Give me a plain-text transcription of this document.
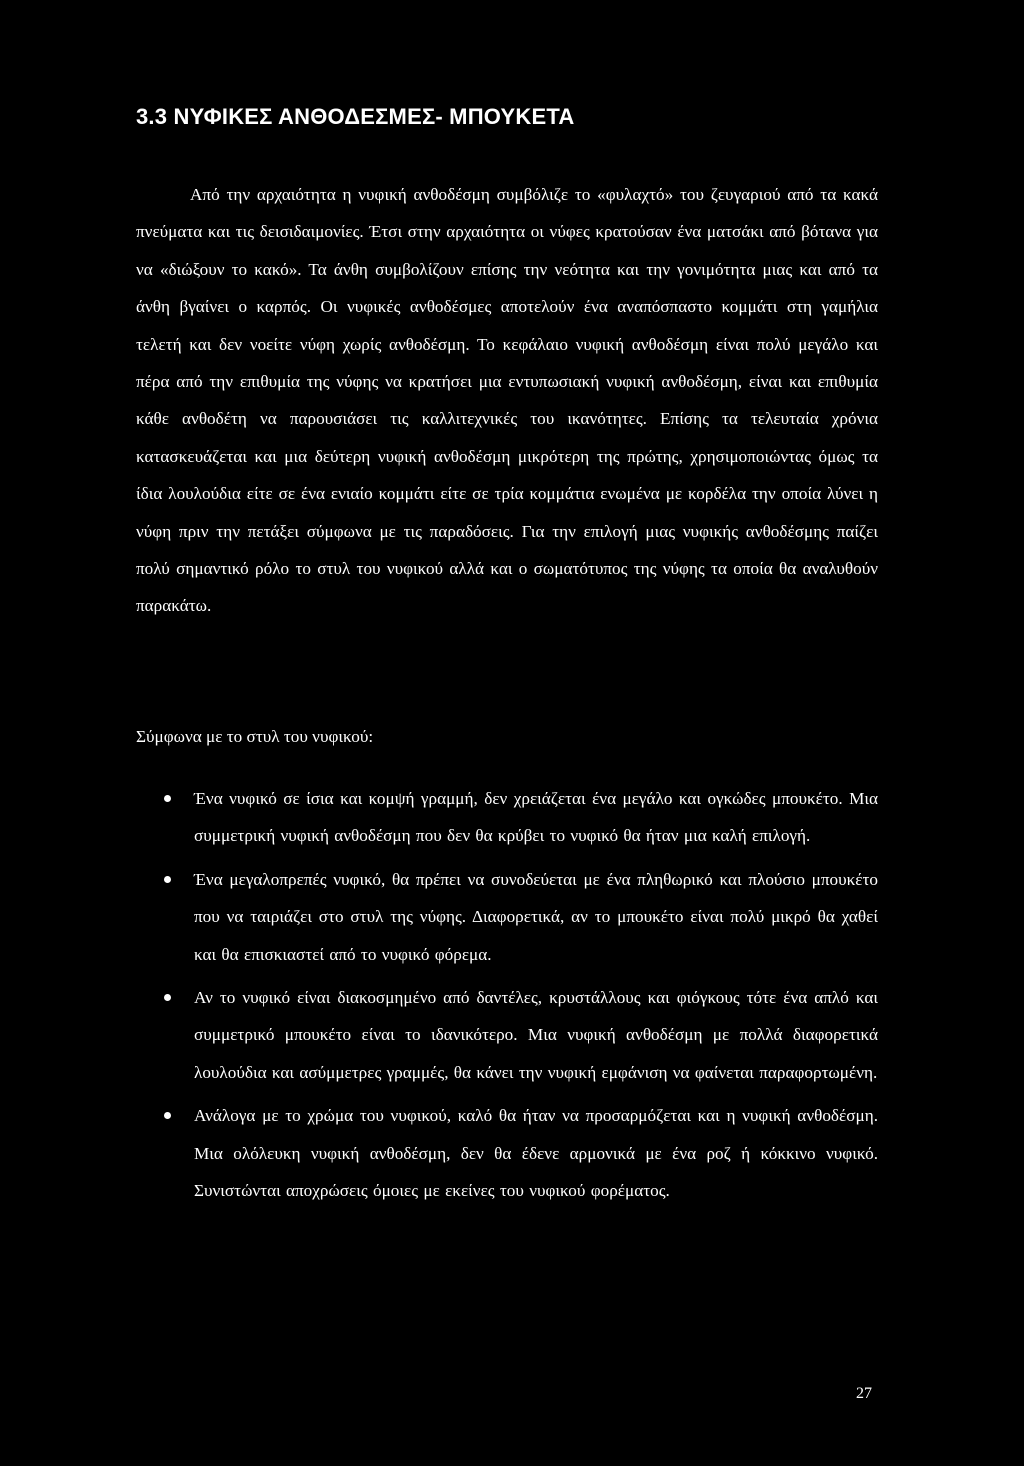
3.3 ΝΥΦΙΚΕΣ ΑΝΘΟΔΕΣΜΕΣ- ΜΠΟΥΚΕΤΑ

Από την αρχαιότητα η νυφική ανθοδέσμη συμβόλιζε το «φυλαχτό» του ζευγαριού από τα κακά πνεύματα και τις δεισιδαιμονίες. Έτσι στην αρχαιότητα οι νύφες κρατούσαν ένα ματσάκι από βότανα για να «διώξουν το κακό». Τα άνθη συμβολίζουν επίσης την νεότητα και την γονιμότητα μιας και από τα άνθη βγαίνει ο καρπός. Οι νυφικές ανθοδέσμες αποτελούν ένα αναπόσπαστο κομμάτι στη γαμήλια τελετή και δεν νοείτε νύφη χωρίς ανθοδέσμη. Το κεφάλαιο νυφική ανθοδέσμη είναι πολύ μεγάλο και πέρα από την επιθυμία της νύφης να κρατήσει μια εντυπωσιακή νυφική ανθοδέσμη, είναι και επιθυμία κάθε ανθοδέτη να παρουσιάσει τις καλλιτεχνικές του ικανότητες. Επίσης τα τελευταία χρόνια κατασκευάζεται και μια δεύτερη νυφική ανθοδέσμη μικρότερη της πρώτης, χρησιμοποιώντας όμως τα ίδια λουλούδια είτε σε ένα ενιαίο κομμάτι είτε σε τρία κομμάτια ενωμένα με κορδέλα την οποία λύνει η νύφη πριν την πετάξει σύμφωνα με τις παραδόσεις. Για την επιλογή μιας νυφικής ανθοδέσμης παίζει πολύ σημαντικό ρόλο το στυλ του νυφικού αλλά και ο σωματότυπος της νύφης τα οποία θα αναλυθούν παρακάτω.

Σύμφωνα με το στυλ του νυφικού:

Ένα νυφικό σε ίσια και κομψή γραμμή, δεν χρειάζεται ένα μεγάλο και ογκώδες μπουκέτο. Μια συμμετρική νυφική ανθοδέσμη που δεν θα κρύβει το νυφικό θα ήταν μια καλή επιλογή.
Ένα μεγαλοπρεπές νυφικό, θα πρέπει να συνοδεύεται με ένα πληθωρικό και πλούσιο μπουκέτο που να ταιριάζει στο στυλ της νύφης. Διαφορετικά, αν το μπουκέτο είναι πολύ μικρό θα χαθεί και θα επισκιαστεί από το νυφικό φόρεμα.
Αν το νυφικό είναι διακοσμημένο από δαντέλες, κρυστάλλους και φιόγκους τότε ένα απλό και συμμετρικό μπουκέτο είναι το ιδανικότερο. Μια νυφική ανθοδέσμη με πολλά διαφορετικά λουλούδια και ασύμμετρες γραμμές, θα κάνει την νυφική εμφάνιση να φαίνεται παραφορτωμένη.
Ανάλογα με το χρώμα του νυφικού, καλό θα ήταν να προσαρμόζεται και η νυφική ανθοδέσμη. Μια ολόλευκη νυφική ανθοδέσμη, δεν θα έδενε αρμονικά με ένα ροζ ή κόκκινο νυφικό. Συνιστώνται αποχρώσεις όμοιες με εκείνες του νυφικού φορέματος.

27
